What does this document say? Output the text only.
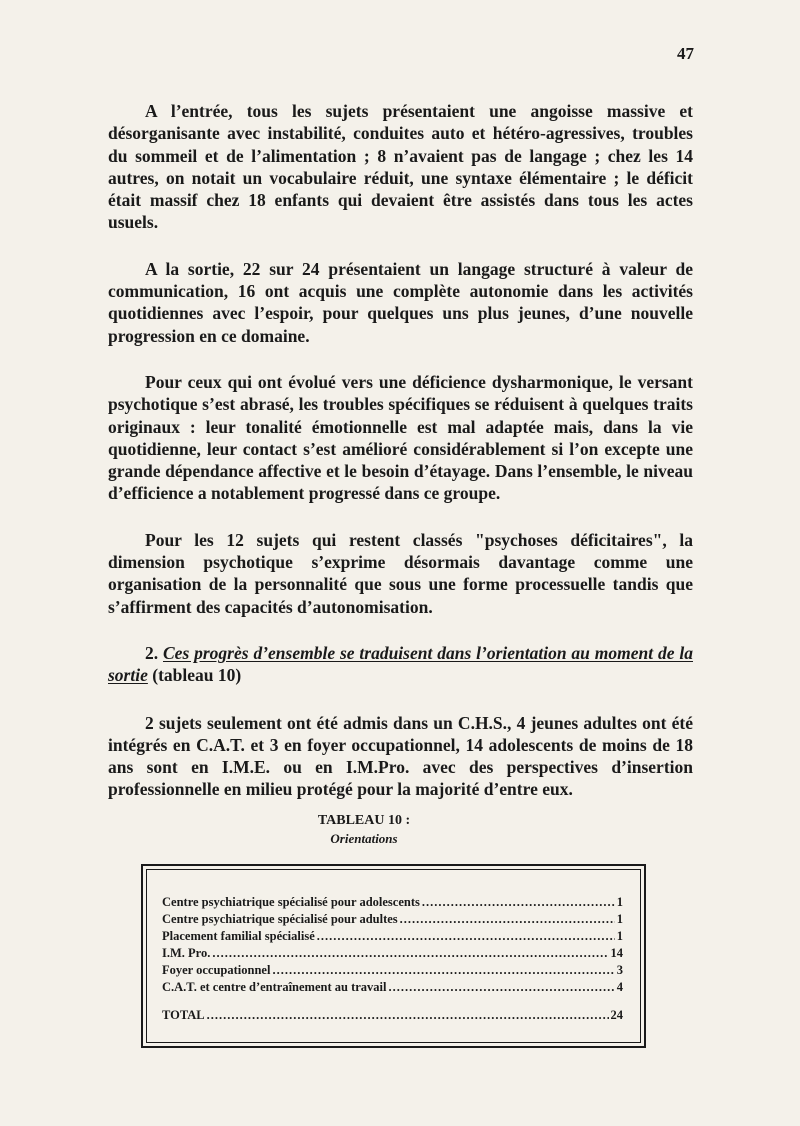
47

A l’entrée, tous les sujets présentaient une angoisse massive et désorganisante avec instabilité, conduites auto et hétéro-agressives, troubles du sommeil et de l’alimentation ; 8 n’avaient pas de langage ; chez les 14 autres, on notait un vocabulaire réduit, une syntaxe élémentaire ; le déficit était massif chez 18 enfants qui devaient être assistés dans tous les actes usuels.

A la sortie, 22 sur 24 présentaient un langage structuré à valeur de communication, 16 ont acquis une complète autonomie dans les activités quotidiennes avec l’espoir, pour quelques uns plus jeunes, d’une nouvelle progression en ce domaine.

Pour ceux qui ont évolué vers une déficience dysharmonique, le versant psychotique s’est abrasé, les troubles spécifiques se réduisent à quelques traits originaux : leur tonalité émotionnelle est mal adaptée mais, dans la vie quotidienne, leur contact s’est amélioré considérablement si l’on excepte une grande dépendance affective et le besoin d’étayage. Dans l’ensemble, le niveau d’efficience a notablement progressé dans ce groupe.

Pour les 12 sujets qui restent classés "psychoses déficitaires", la dimension psychotique s’exprime désormais davantage comme une organisation de la personnalité que sous une forme processuelle tandis que s’affirment des capacités d’autonomisation.

2. Ces progrès d’ensemble se traduisent dans l’orientation au moment de la sortie (tableau 10)

2 sujets seulement ont été admis dans un C.H.S., 4 jeunes adultes ont été intégrés en C.A.T. et 3 en foyer occupationnel, 14 adolescents de moins de 18 ans sont en I.M.E. ou en I.M.Pro. avec des perspectives d’insertion professionnelle en milieu protégé pour la majorité d’entre eux.

TABLEAU 10 :
Orientations
Centre psychiatrique spécialisé pour adolescents .....	1
Centre psychiatrique spécialisé pour adultes .....	1
Placement familial spécialisé .....	1
I.M. Pro. .....	14
Foyer occupationnel .....	3
C.A.T. et centre d’entraînement au travail .....	4
TOTAL .....	24
